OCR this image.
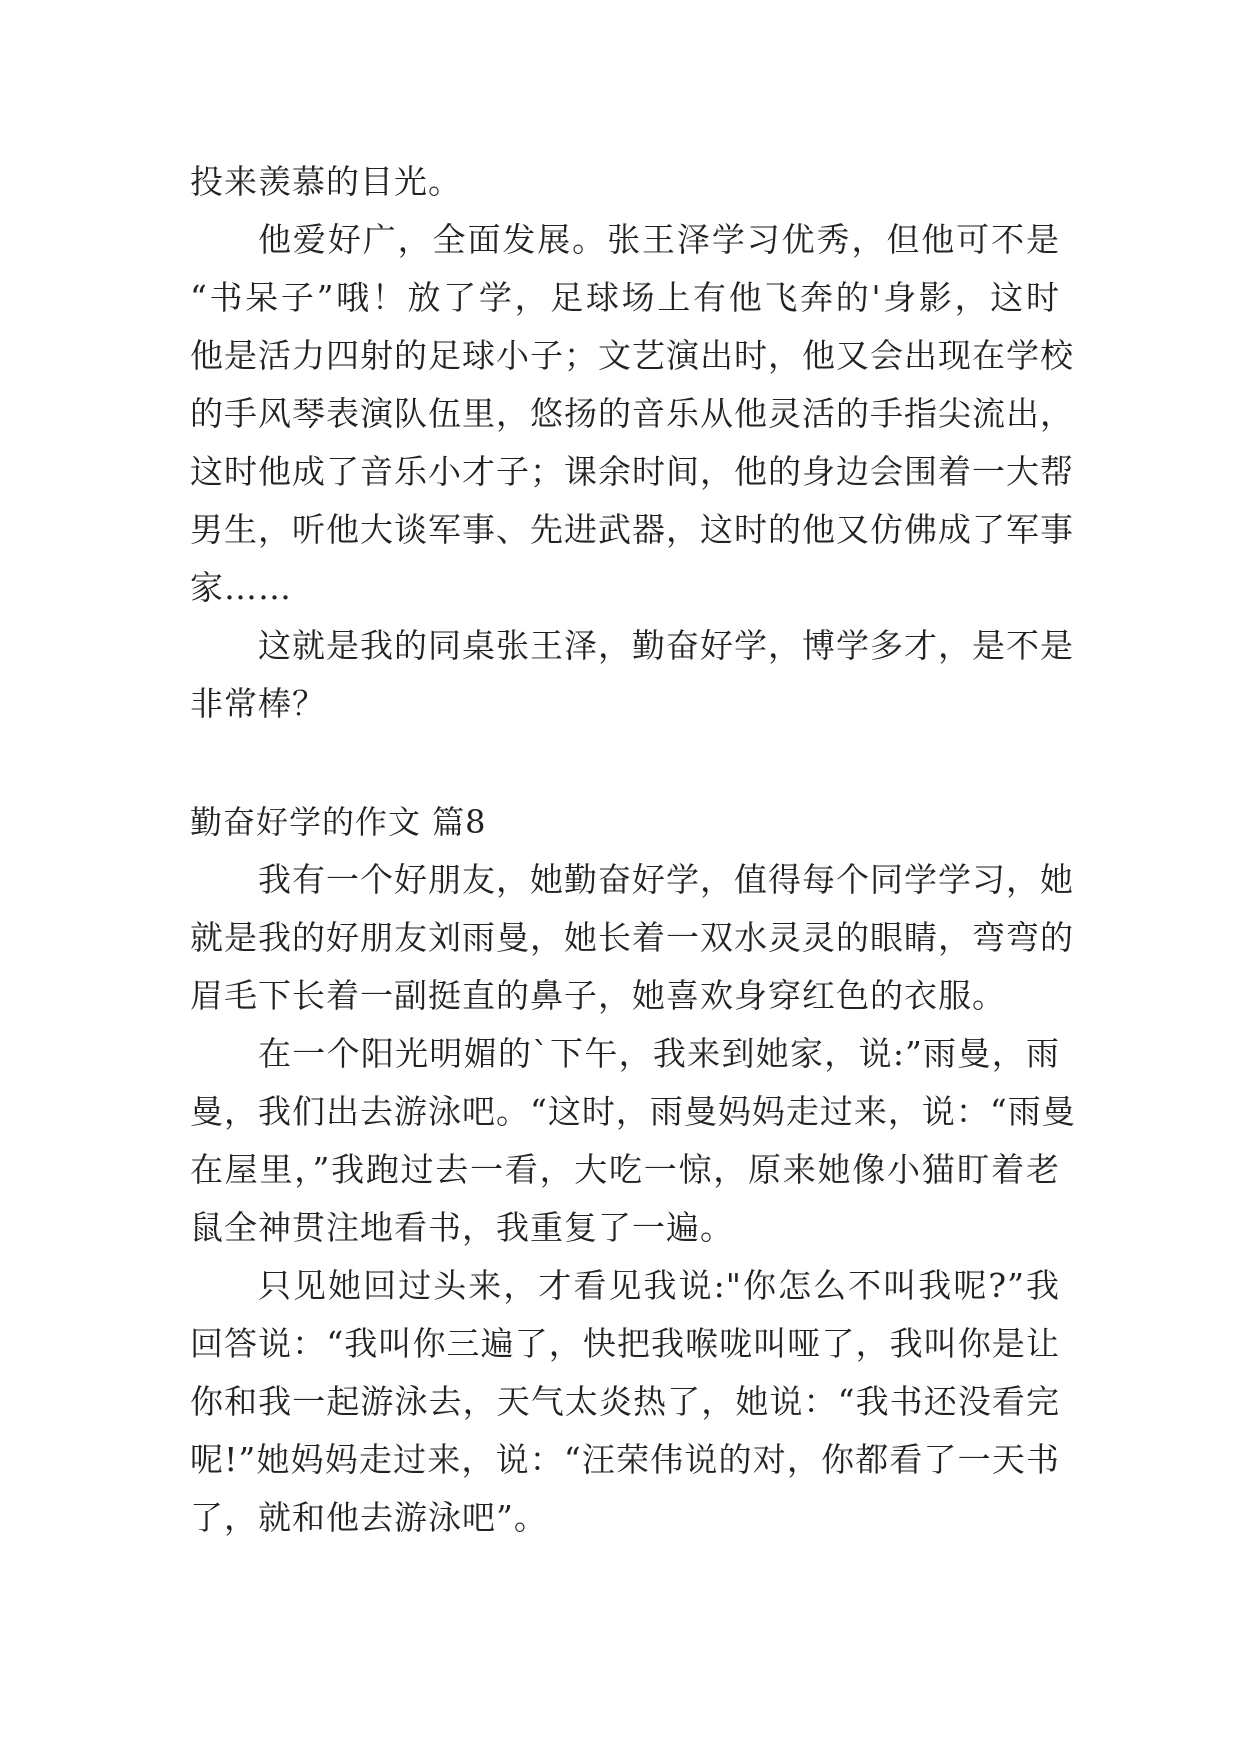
投来羡慕的目光。

他爱好广，全面发展。张王泽学习优秀，但他可不是

“书呆子”哦！放了学，足球场上有他飞奔的'身影，这时

他是活力四射的足球小子；文艺演出时，他又会出现在学校

的手风琴表演队伍里，悠扬的音乐从他灵活的手指尖流出，

这时他成了音乐小才子；课余时间，他的身边会围着一大帮

男生，听他大谈军事、先进武器，这时的他又仿佛成了军事

家……

这就是我的同桌张王泽，勤奋好学，博学多才，是不是

非常棒？

勤奋好学的作文 篇8

我有一个好朋友，她勤奋好学，值得每个同学学习，她

就是我的好朋友刘雨曼，她长着一双水灵灵的眼睛，弯弯的

眉毛下长着一副挺直的鼻子，她喜欢身穿红色的衣服。

在一个阳光明媚的`下午，我来到她家，说:”雨曼，雨

曼，我们出去游泳吧。“这时，雨曼妈妈走过来，说：“雨曼

在屋里，”我跑过去一看，大吃一惊，原来她像小猫盯着老

鼠全神贯注地看书，我重复了一遍。

只见她回过头来，才看见我说:"你怎么不叫我呢?”我

回答说：“我叫你三遍了，快把我喉咙叫哑了，我叫你是让

你和我一起游泳去，天气太炎热了，她说：“我书还没看完

呢!”她妈妈走过来，说：“汪荣伟说的对，你都看了一天书

了，就和他去游泳吧”。
